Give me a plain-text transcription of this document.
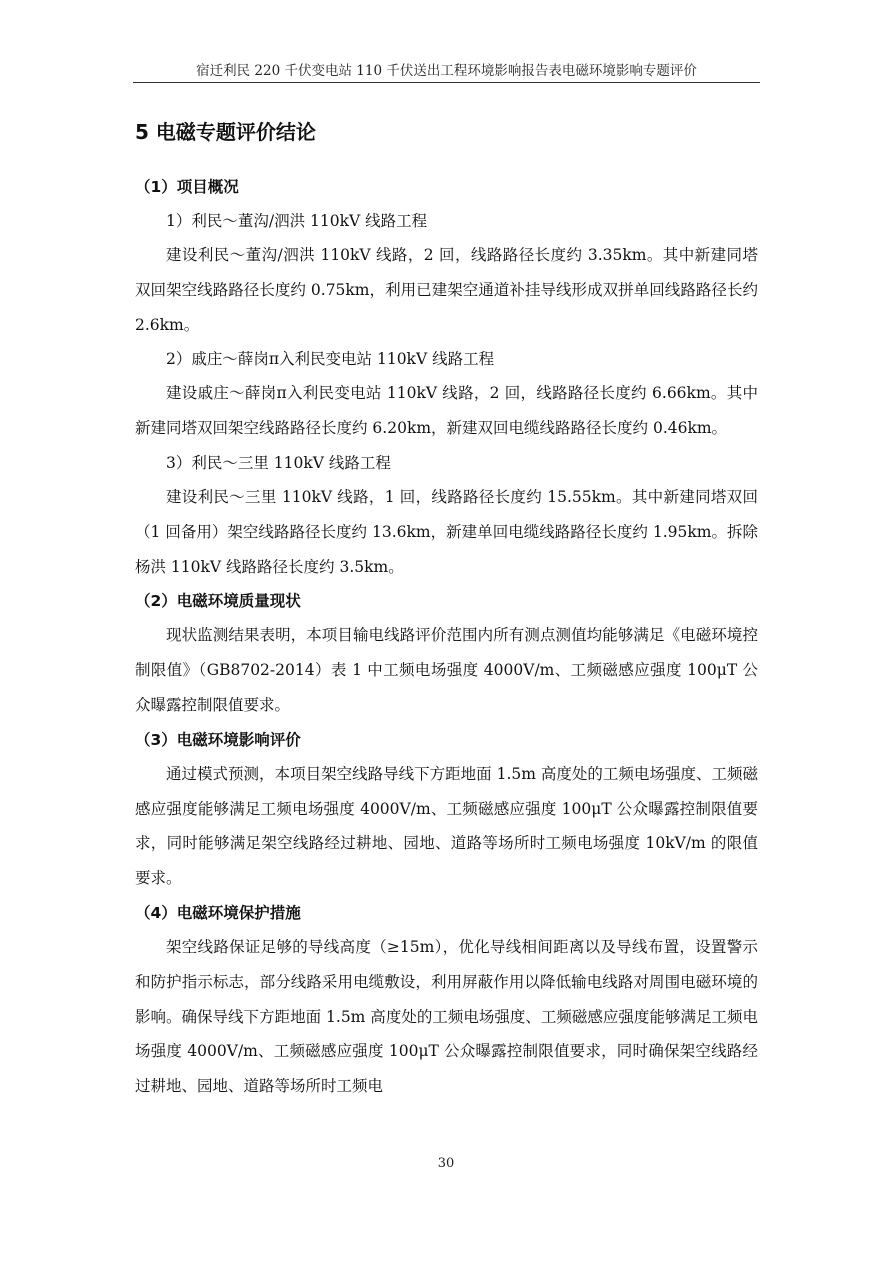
宿迁利民 220 千伏变电站 110 千伏送出工程环境影响报告表电磁环境影响专题评价
5 电磁专题评价结论
（1）项目概况
1）利民～董沟/泗洪 110kV 线路工程

建设利民～董沟/泗洪 110kV 线路，2 回，线路路径长度约 3.35km。其中新建同塔双回架空线路路径长度约 0.75km，利用已建架空通道补挂导线形成双拼单回线路路径长约 2.6km。

2）戚庄～薛岗π入利民变电站 110kV 线路工程

建设戚庄～薛岗π入利民变电站 110kV 线路，2 回，线路路径长度约 6.66km。其中新建同塔双回架空线路路径长度约 6.20km，新建双回电缆线路路径长度约 0.46km。

3）利民～三里 110kV 线路工程

建设利民～三里 110kV 线路，1 回，线路路径长度约 15.55km。其中新建同塔双回（1 回备用）架空线路路径长度约 13.6km，新建单回电缆线路路径长度约 1.95km。拆除杨洪 110kV 线路路径长度约 3.5km。

（2）电磁环境质量现状

现状监测结果表明，本项目输电线路评价范围内所有测点测值均能够满足《电磁环境控制限值》（GB8702-2014）表 1 中工频电场强度 4000V/m、工频磁感应强度 100μT 公众曝露控制限值要求。

（3）电磁环境影响评价

通过模式预测，本项目架空线路导线下方距地面 1.5m 高度处的工频电场强度、工频磁感应强度能够满足工频电场强度 4000V/m、工频磁感应强度 100μT 公众曝露控制限值要求，同时能够满足架空线路经过耕地、园地、道路等场所时工频电场强度 10kV/m 的限值要求。

（4）电磁环境保护措施

架空线路保证足够的导线高度（≥15m），优化导线相间距离以及导线布置，设置警示和防护指示标志，部分线路采用电缆敷设，利用屏蔽作用以降低输电线路对周围电磁环境的影响。确保导线下方距地面 1.5m 高度处的工频电场强度、工频磁感应强度能够满足工频电场强度 4000V/m、工频磁感应强度 100μT 公众曝露控制限值要求，同时确保架空线路经过耕地、园地、道路等场所时工频电

30
